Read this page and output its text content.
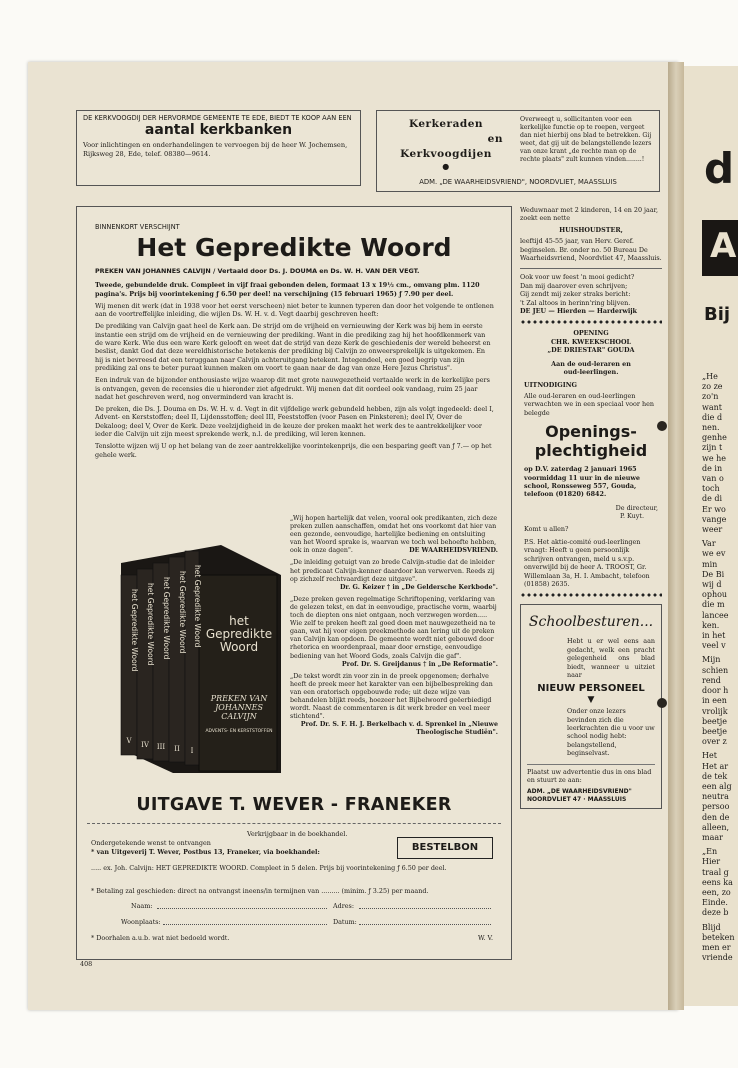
DE KERKVOOGDIJ DER HERVORMDE GEMEENTE TE EDE, BIEDT TE KOOP AAN EEN
aantal kerkbanken
Voor inlichtingen en onderhandelingen te vervoegen bij de heer W. Jochemsen, Rijksweg 28, Ede, telef. 08380—9614.
Kerkeraden
en
Kerkvoogdijen
●
Overweegt u, sollicitanten voor een kerkelijke functie op te roepen, vergeet dan niet hierbij ons blad te betrekken. Gij weet, dat gij uit de belangstellende lezers van onze krant „de rechte man op de rechte plaats" zult kunnen vinden........!
ADM. „DE WAARHEIDSVRIEND", NOORDVLIET, MAASSLUIS
BINNENKORT VERSCHIJNT
Het Gepredikte Woord
PREKEN VAN JOHANNES CALVIJN / Vertaald door Ds. J. DOUMA en Ds. W. H. VAN DER VEGT.
Tweede, gebundelde druk. Compleet in vijf fraai gebonden delen, formaat 13 x 19½ cm., omvang plm. 1120 pagina's. Prijs bij voorintekening ƒ 6.50 per deel! na verschijning (15 februari 1965) ƒ 7.90 per deel.
Wij menen dit werk (dat in 1938 voor het eerst verscheen) niet beter te kunnen typeren dan door het volgende te ontlenen aan de voortreffelijke inleiding, die wijlen Ds. W. H. v. d. Vegt daarbij geschreven heeft:
De prediking van Calvijn gaat heel de Kerk aan. De strijd om de vrijheid en vernieuwing der Kerk was bij hem in eerste instantie een strijd om de vrijheid en de vernieuwing der prediking. Want in die prediking zag hij het hoofdkenmerk van de ware Kerk. Wie dus een ware Kerk gelooft en weet dat de strijd van deze Kerk de geschiedenis der wereld beheerst en beslist, dankt God dat deze wereldhistorische betekenis der prediking bij Calvijn zo onweersprekelijk is uitgekomen. En hij is niet bevreesd dat een teruggaan naar Calvijn achteruitgang betekent. Integendeel, een goed begrip van zijn prediking zal ons te beter puraat kunnen maken om voort te gaan naar de dag van onze Here Jezus Christus".
Een indruk van de bijzonder enthousiaste wijze waarop dit met grote nauwgezetheid vertaalde werk in de kerkelijke pers is ontvangen, geven de recensies die u hieronder ziet afgedrukt. Wij menen dat dit oordeel ook vandaag, ruim 25 jaar nadat het geschreven werd, nog onverminderd van kracht is.
De preken, die Ds. J. Douma en Ds. W. H. v. d. Vegt in dit vijfdelige werk gebundeld hebben, zijn als volgt ingedeeld: deel I, Advent- en Kerststoffen; deel II, Lijdensstoffen; deel III, Feeststoffen (voor Pasen en Pinksteren); deel IV, Over de Dekaloog; deel V, Over de Kerk. Deze veelzijdigheid in de keuze der preken maakt het werk des te aantrekkelijker voor ieder die Calvijn uit zijn meest sprekende werk, n.l. de prediking, wil leren kennen.
Tenslotte wijzen wij U op het belang van de zeer aantrekkelijke voorintekenprijs, die een besparing geeft van ƒ 7.— op het gehele werk.
het Gepredikte Woord het Gepredikte Woord het Gepredikte Woord het Gepredikte Woord het Gepredikte Woord
V IV III II I
het Gepredikte Woord
PREKEN VAN JOHANNES CALVIJN
ADVENTS- EN KERSTSTOFFEN
„Wij hopen hartelijk dat velen, vooral ook predikanten, zich deze preken zullen aanschaffen, omdat het ons voorkomt dat hier van een gezonde, eenvoudige, hartelijke bediening en ontsluiting van het Woord sprake is, waarvan we toch wel behoefte hebben, ook in onze dagen".	DE WAARHEIDSVRIEND.
„De inleiding getuigt van zo brede Calvijn-studie dat de inleider het predicaat Calvijn-kenner daardoor kan verwerven. Reeds zij op zichzelf rechtvaardigt deze uitgave".
Dr. G. Keizer † in „De Geldersche Kerkbode".
„Deze preken geven regelmatige Schriftopening, verklaring van de gelezen tekst, en dat in eenvoudige, practische vorm, waarbij toch de diepten ons niet ontgaan, noch verzwegen worden..... Wie zelf te preken heeft zal goed doen met nauwgezetheid na te gaan, wat hij voor eigen preekmethode aan lering uit de preken van Calvijn kan opdoen. De gemeente wordt niet gebouwd door rhetorica en woordenpraal, maar door ernstige, eenvoudige bediening van het Woord Gods, zoals Calvijn die gaf".
Prof. Dr. S. Greijdanus † in „De Reformatie".
„De tekst wordt zin voor zin in de preek opgenomen; derhalve heeft de preek meer het karakter van een bijbelbespreking dan van een oratorisch opgebouwde rede; uit deze wijze van behandelen blijkt reeds, hoezeer het Bijbelwoord geëerbiedigd wordt. Naast de commentaren is dit werk breder en veel meer stichtend".
Prof. Dr. S. F. H. J. Berkelbach v. d. Sprenkel in „Nieuwe Theologische Studiën".
UITGAVE T. WEVER - FRANEKER
Verkrijgbaar in de boekhandel.
Ondergetekende wenst te ontvangen
* van Uitgeverij T. Wever, Postbus 13, Franeker, via boekhandel:	BESTELBON
..... ex. Joh. Calvijn: HET GEPREDIKTE WOORD. Compleet in 5 delen. Prijs bij voorintekening ƒ 6.50 per deel.
* Betaling zal geschieden: direct na ontvangst ineens/in termijnen van ......... (minim. ƒ 3.25) per maand.
Naam:	Adres:
Woonplaats:	Datum:
* Doorhalen a.u.b. wat niet bedoeld wordt.	W. V.
Weduwnaar met 2 kinderen, 14 en 20 jaar, zoekt een nette
HUISHOUDSTER,
leeftijd 45-55 jaar, van Herv. Geref. beginselen. Br. onder no. 50 Bureau De Waarheidsvriend, Noordvliet 47, Maassluis.
Ook voor uw feest 'n mooi gedicht?
Dan mij daarover even schrijven;
Gij zendt mij zeker straks bericht:
't Zal altoos in herinn'ring blijven.
DE JEU — Hierden — Harderwijk
OPENING
CHR. KWEEKSCHOOL
„DE DRIESTAR" GOUDA
Aan de oud-leraren en
oud-leerlingen.
UITNODIGING
Alle oud-leraren en oud-leerlingen verwachten we in een speciaal voor hen belegde
Openings-plechtigheid
op D.V. zaterdag 2 januari 1965 voormiddag 11 uur in de nieuwe school, Ronsseweg 557, Gouda, telefoon (01820) 6842.
De directeur,
P. Kuyt.
Komt u allen?
P.S. Het aktie-comité oud-leerlingen vraagt: Heeft u geen persoonlijk schrijven ontvangen, meld u s.v.p. onverwijld bij de heer A. TROOST, Gr. Willemlaan 3a, H. I. Ambacht, telefoon (01858) 2635.
Schoolbesturen...
Hebt u er wel eens aan gedacht, welk een pracht gelegenheid ons blad biedt, wanneer u uitziet naar
NIEUW PERSONEEL
▼
Onder onze lezers bevinden zich die leerkrachten die u voor uw school nodig hebt: belangstellend, beginselvast.
Plaatst uw advertentie dus in ons blad en stuurt ze aan:
ADM. „DE WAARHEIDSVRIEND" NOORDVLIET 47 · MAASSLUIS
408
d
A
Bij
„He
zo ze
zo'n
want
die d
nen.
genhe
zijn t
we he
de in
van o
toch
de di
Er wo
vange
weer
Var
we ev
min
De Bi
wij d
ophou
die m
lancee
ken.
in het
veel v
Mijn
schien
rend
door h
in een
vrolijk
beetje
beetje
over z
Het
Het ar
de tek
een alg
neutra
persoo
den de
alleen,
maar
„En
Hier
traal g
eens ka
een, zo
Einde.
deze b
Blijd
beteken
men er
vriende
